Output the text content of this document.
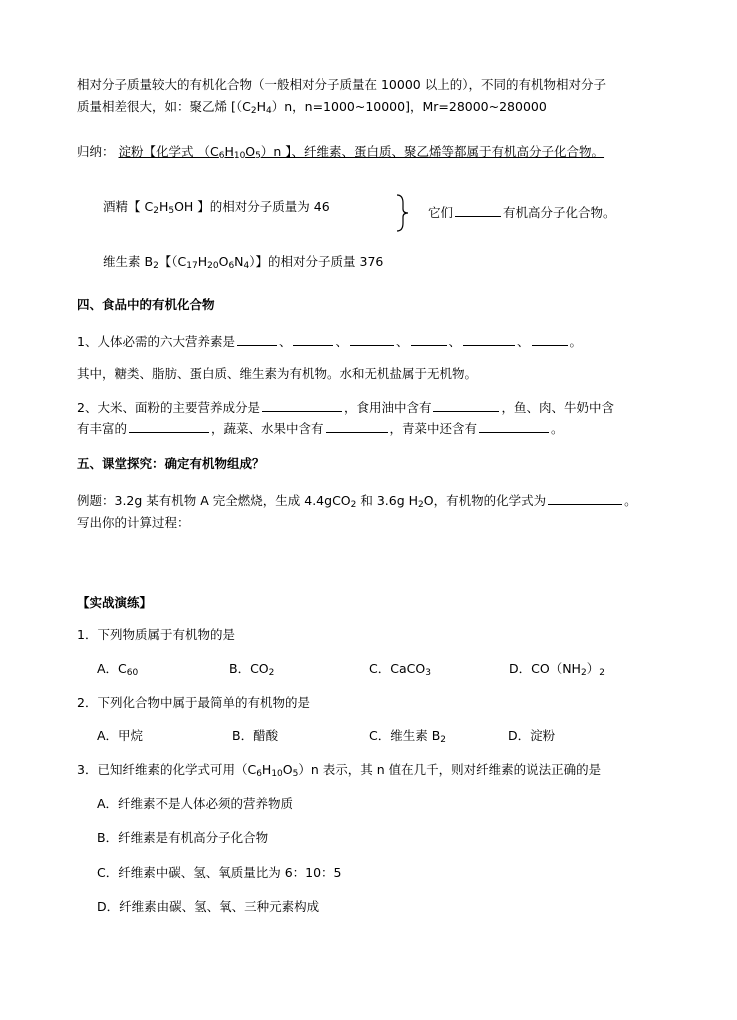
相对分子质量较大的有机化合物（一般相对分子质量在 10000 以上的），不同的有机物相对分子
质量相差很大，如：聚乙烯 [$(C_2H_4)n$，n=1000~10000]，Mr=28000~280000
归纳： 淀粉【化学式 $(C_6H_{10}O_5)n$ 】、纤维素、蛋白质、聚乙烯等都属于有机高分子化合物。
酒精【 $C_2H_5OH$ 】的相对分子质量为 46	它们	有机高分子化合物。
维生素 $B_2$【$(C_{17}H_{20}O_6N_4)$】的相对分子质量 376
四、食品中的有机化合物
1、人体必需的六大营养素是	、	、	、	、	、	。
其中，糖类、脂肪、蛋白质、维生素为有机物。水和无机盐属于无机物。
2、大米、面粉的主要营养成分是	，食用油中含有	，鱼、肉、牛奶中含
有丰富的	，蔬菜、水果中含有	，青菜中还含有	。
五、课堂探究：确定有机物组成？
例题：3.2g 某有机物 A 完全燃烧，生成 4.4gCO$_2$ 和 3.6g $H_2O$，有机物的化学式为	。
写出你的计算过程：
【实战演练】
1．下列物质属于有机物的是
A．$C_{60}$	B．$CO_2$	C．CaCO$_3$	D．$CO(NH_2)_2$
2．下列化合物中属于最简单的有机物的是
A．甲烷	B．醋酸	C．维生素 $B_2$	D．淀粉
3．已知纤维素的化学式可用$(C_6H_{10}O_5)n$ 表示，其 n 值在几千，则对纤维素的说法正确的是
A．纤维素不是人体必须的营养物质
B．纤维素是有机高分子化合物
C．纤维素中碳、氢、氧质量比为 6：10：5
D．纤维素由碳、氢、氧、三种元素构成
